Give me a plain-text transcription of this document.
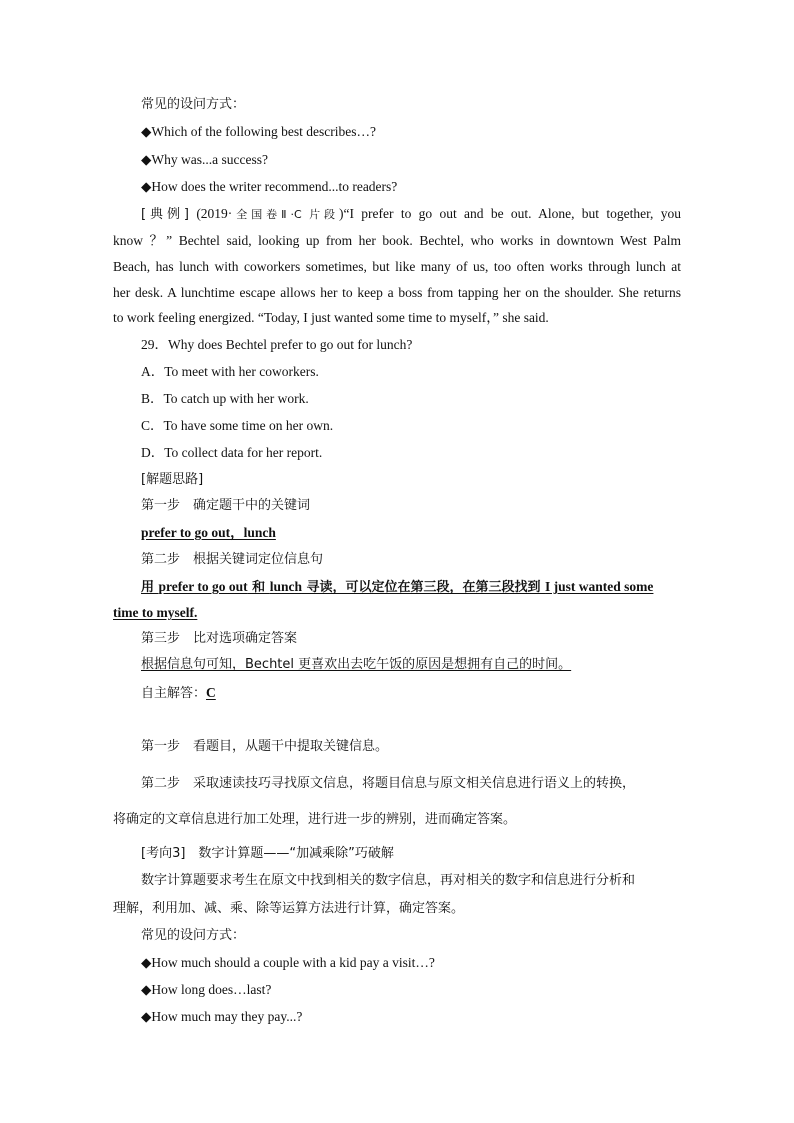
常见的设问方式：
◆Which of the following best describes…?
◆Why was...a success?
◆How does the writer recommend...to readers?
[典例] (2019·全国卷Ⅱ·C 片段)“I prefer to go out and be out. Alone, but together, you
know ？” Bechtel said, looking up from her book. Bechtel, who works in downtown West Palm
Beach, has lunch with coworkers sometimes, but like many of us, too often works through lunch at
her desk. A lunchtime escape allows her to keep a boss from tapping her on the shoulder. She returns
to work feeling energized. “Today, I just wanted some time to myself，” she said.
29．Why does Bechtel prefer to go out for lunch?
A．To meet with her coworkers.
B．To catch up with her work.
C．To have some time on her own.
D．To collect data for her report.
[解题思路]
第一步　确定题干中的关键词
prefer to go out，lunch
第二步　根据关键词定位信息句
用 prefer to go out 和 lunch 寻读，可以定位在第三段，在第三段找到 I just wanted some
time to myself.
第三步　比对选项确定答案
根据信息句可知，Bechtel 更喜欢出去吃午饭的原因是想拥有自己的时间。
自主解答：C
第一步　看题目，从题干中提取关键信息。
第二步　采取速读技巧寻找原文信息，将题目信息与原文相关信息进行语义上的转换，
将确定的文章信息进行加工处理，进行进一步的辨别，进而确定答案。
[考向3]　数字计算题——“加减乘除”巧破解
数字计算题要求考生在原文中找到相关的数字信息，再对相关的数字和信息进行分析和
理解，利用加、减、乘、除等运算方法进行计算，确定答案。
常见的设问方式：
◆How much should a couple with a kid pay a visit…?
◆How long does…last?
◆How much may they pay...?
